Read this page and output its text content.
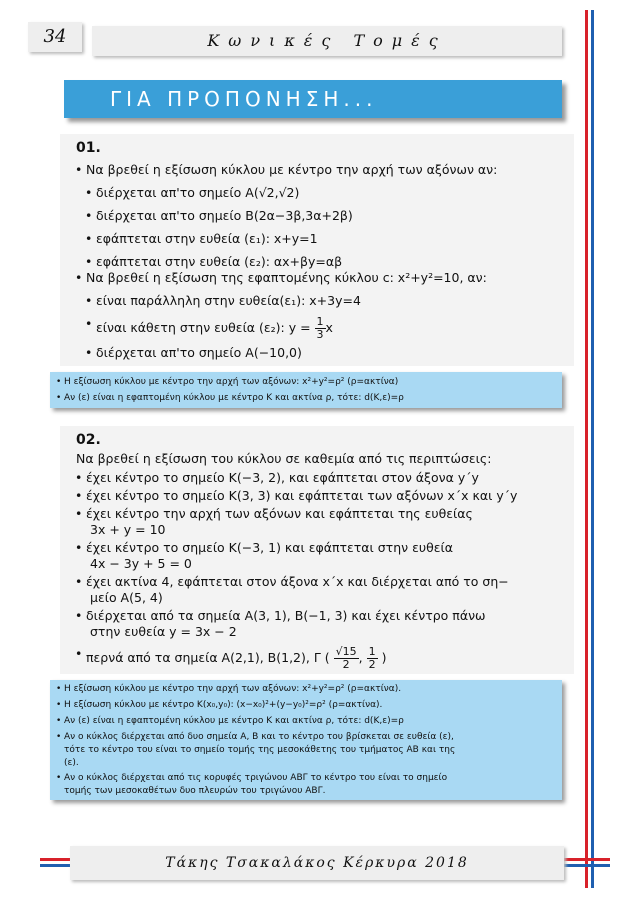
34	Κωνικές Τομές
ΓΙΑ ΠΡΟΠΟΝΗΣΗ...
01.
• Να βρεθεί η εξίσωση κύκλου με κέντρο την αρχή των αξόνων αν:
• διέρχεται απ'το σημείο Α(√2,√2)
• διέρχεται απ'το σημείο Β(2α−3β,3α+2β)
• εφάπτεται στην ευθεία (ε₁): x+y=1
• εφάπτεται στην ευθεία (ε₂): αx+βy=αβ
• Να βρεθεί η εξίσωση της εφαπτομένης κύκλου c: x²+y²=10, αν:
• είναι παράλληλη στην ευθεία(ε₁): x+3y=4
• είναι κάθετη στην ευθεία (ε₂): $y = \frac{1}{3}$ x
• διέρχεται απ'το σημείο Α(−10,0)
• Η εξίσωση κύκλου με κέντρο την αρχή των αξόνων: x²+y²=ρ² (ρ=ακτίνα)
• Αν (ε) είναι η εφαπτομένη κύκλου με κέντρο Κ και ακτίνα ρ, τότε: d(K,ε)=ρ
02.
Να βρεθεί η εξίσωση του κύκλου σε καθεμία από τις περιπτώσεις:
• έχει κέντρο το σημείο Κ(−3, 2), και εφάπτεται στον άξονα y΄y
• έχει κέντρο το σημείο Κ(3, 3) και εφάπτεται των αξόνων x΄x και y΄y
• έχει κέντρο την αρχή των αξόνων και εφάπτεται της ευθείας
3x + y = 10
• έχει κέντρο το σημείο Κ(−3, 1) και εφάπτεται στην ευθεία
4x − 3y + 5 = 0
• έχει ακτίνα 4, εφάπτεται στον άξονα x΄x και διέρχεται από το ση−
μείο Α(5, 4)
• διέρχεται από τα σημεία Α(3, 1), Β(−1, 3) και έχει κέντρο πάνω
στην ευθεία y = 3x − 2
• περνά από τα σημεία Α(2,1), Β(1,2), Γ ( $\frac{√15}{2}$ , $\frac{1}{2}$ )
• Η εξίσωση κύκλου με κέντρο την αρχή των αξόνων: x²+y²=ρ² (ρ=ακτίνα).
• Η εξίσωση κύκλου με κέντρο Κ(x₀,y₀): (x−x₀)²+(y−y₀)²=ρ² (ρ=ακτίνα).
• Αν (ε) είναι η εφαπτομένη κύκλου με κέντρο Κ και ακτίνα ρ, τότε: d(K,ε)=ρ
• Αν ο κύκλος διέρχεται από δυο σημεία Α, Β και το κέντρο του βρίσκεται σε ευθεία (ε),
τότε το κέντρο του είναι το σημείο τομής της μεσοκάθετης του τμήματος ΑΒ και της
(ε).
• Αν ο κύκλος διέρχεται από τις κορυφές τριγώνου ΑΒΓ το κέντρο του είναι το σημείο
τομής των μεσοκαθέτων δυο πλευρών του τριγώνου ΑΒΓ.
Τάκης Τσακαλάκος Κέρκυρα 2018
